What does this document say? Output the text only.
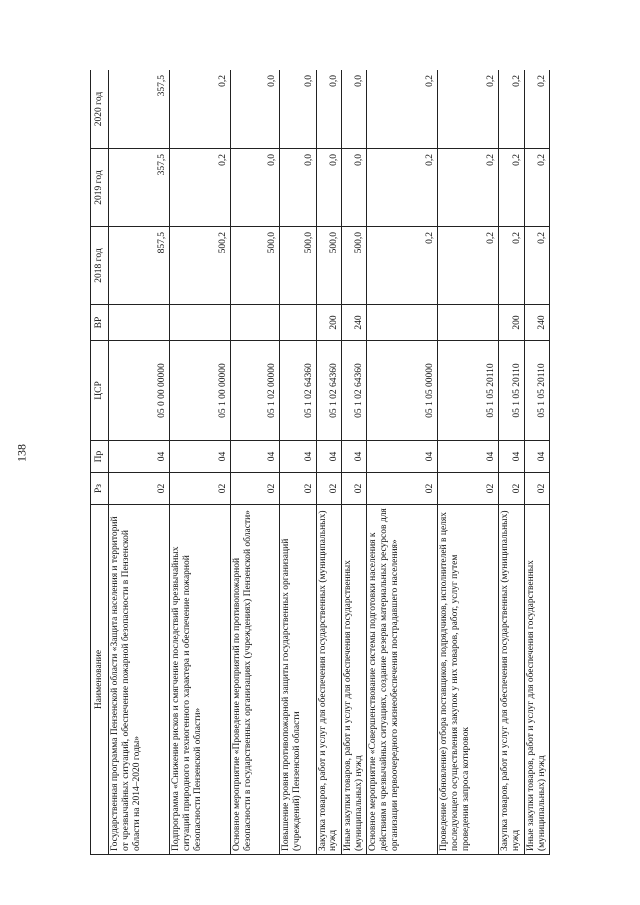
138
Наименование	Рз	Пр	ЦСР	ВР	2018 год	2019 год	2020 год
Государственная программа Пензенской области «Защита населения и территорий от чрезвычайных ситуаций, обеспечение пожарной безопасности в Пензенской области на 2014–2020 годы»	02	04	05 0 00 00000		857,5	357,5	357,5
Подпрограмма «Снижение рисков и смягчение последствий чрезвычайных ситуаций природного и техногенного характера и обеспечение пожарной безопасности Пензенской области»	02	04	05 1 00 00000		500,2	0,2	0,2
Основное мероприятие «Проведение мероприятий по противопожарной безопасности в государственных организациях (учреждениях) Пензенской области»	02	04	05 1 02 00000		500,0	0,0	0,0
Повышение уровня противопожарной защиты государственных организаций (учреждений) Пензенской области	02	04	05 1 02 64360		500,0	0,0	0,0
Закупка товаров, работ и услуг для обеспечения государственных (муниципальных) нужд	02	04	05 1 02 64360	200	500,0	0,0	0,0
Иные закупки товаров, работ и услуг для обеспечения государственных (муниципальных) нужд	02	04	05 1 02 64360	240	500,0	0,0	0,0
Основное мероприятие «Совершенствование системы подготовки населения к действиям в чрезвычайных ситуациях, создание резерва материальных ресурсов для организации первоочередного жизнеобеспечения пострадавшего населения»	02	04	05 1 05 00000		0,2	0,2	0,2
Проведение (обновление) отбора поставщиков, подрядчиков, исполнителей в целях последующего осуществления закупок у них товаров, работ, услуг путем проведения запроса котировок	02	04	05 1 05 20110		0,2	0,2	0,2
Закупка товаров, работ и услуг для обеспечения государственных (муниципальных) нужд	02	04	05 1 05 20110	200	0,2	0,2	0,2
Иные закупки товаров, работ и услуг для обеспечения государственных (муниципальных) нужд	02	04	05 1 05 20110	240	0,2	0,2	0,2
